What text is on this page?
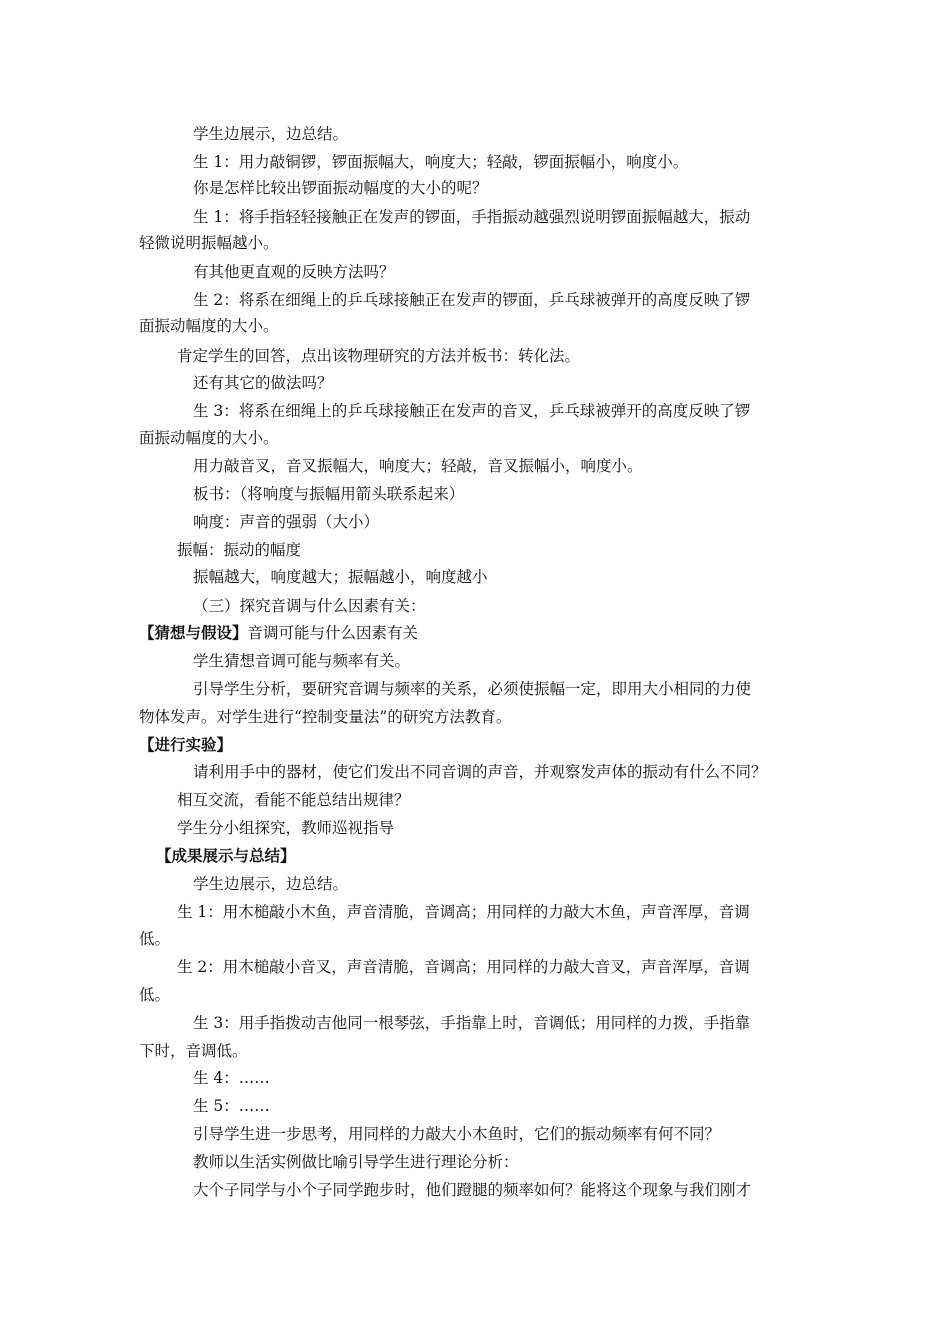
学生边展示，边总结。
生 1：用力敲铜锣，锣面振幅大，响度大；轻敲，锣面振幅小，响度小。
你是怎样比较出锣面振动幅度的大小的呢？
生 1：将手指轻轻接触正在发声的锣面，手指振动越强烈说明锣面振幅越大，振动
轻微说明振幅越小。
有其他更直观的反映方法吗？
生 2：将系在细绳上的乒乓球接触正在发声的锣面，乒乓球被弹开的高度反映了锣
面振动幅度的大小。
肯定学生的回答，点出该物理研究的方法并板书：转化法。
还有其它的做法吗？
生 3：将系在细绳上的乒乓球接触正在发声的音叉，乒乓球被弹开的高度反映了锣
面振动幅度的大小。
用力敲音叉，音叉振幅大，响度大；轻敲，音叉振幅小，响度小。
板书：（将响度与振幅用箭头联系起来）
响度：声音的强弱（大小）
振幅：振动的幅度
振幅越大，响度越大；振幅越小，响度越小
（三）探究音调与什么因素有关：
【猜想与假设】音调可能与什么因素有关
学生猜想音调可能与频率有关。
引导学生分析，要研究音调与频率的关系，必须使振幅一定，即用大小相同的力使
物体发声。对学生进行“控制变量法”的研究方法教育。
【进行实验】
请利用手中的器材，使它们发出不同音调的声音，并观察发声体的振动有什么不同？
相互交流，看能不能总结出规律？
学生分小组探究，教师巡视指导
【成果展示与总结】
学生边展示，边总结。
生 1：用木槌敲小木鱼，声音清脆，音调高；用同样的力敲大木鱼，声音浑厚，音调
低。
生 2：用木槌敲小音叉，声音清脆，音调高；用同样的力敲大音叉，声音浑厚，音调
低。
生 3：用手指拨动吉他同一根琴弦，手指靠上时，音调低；用同样的力拨，手指靠
下时，音调低。
生 4：……
生 5：……
引导学生进一步思考，用同样的力敲大小木鱼时，它们的振动频率有何不同？
教师以生活实例做比喻引导学生进行理论分析：
大个子同学与小个子同学跑步时，他们蹬腿的频率如何？能将这个现象与我们刚才
